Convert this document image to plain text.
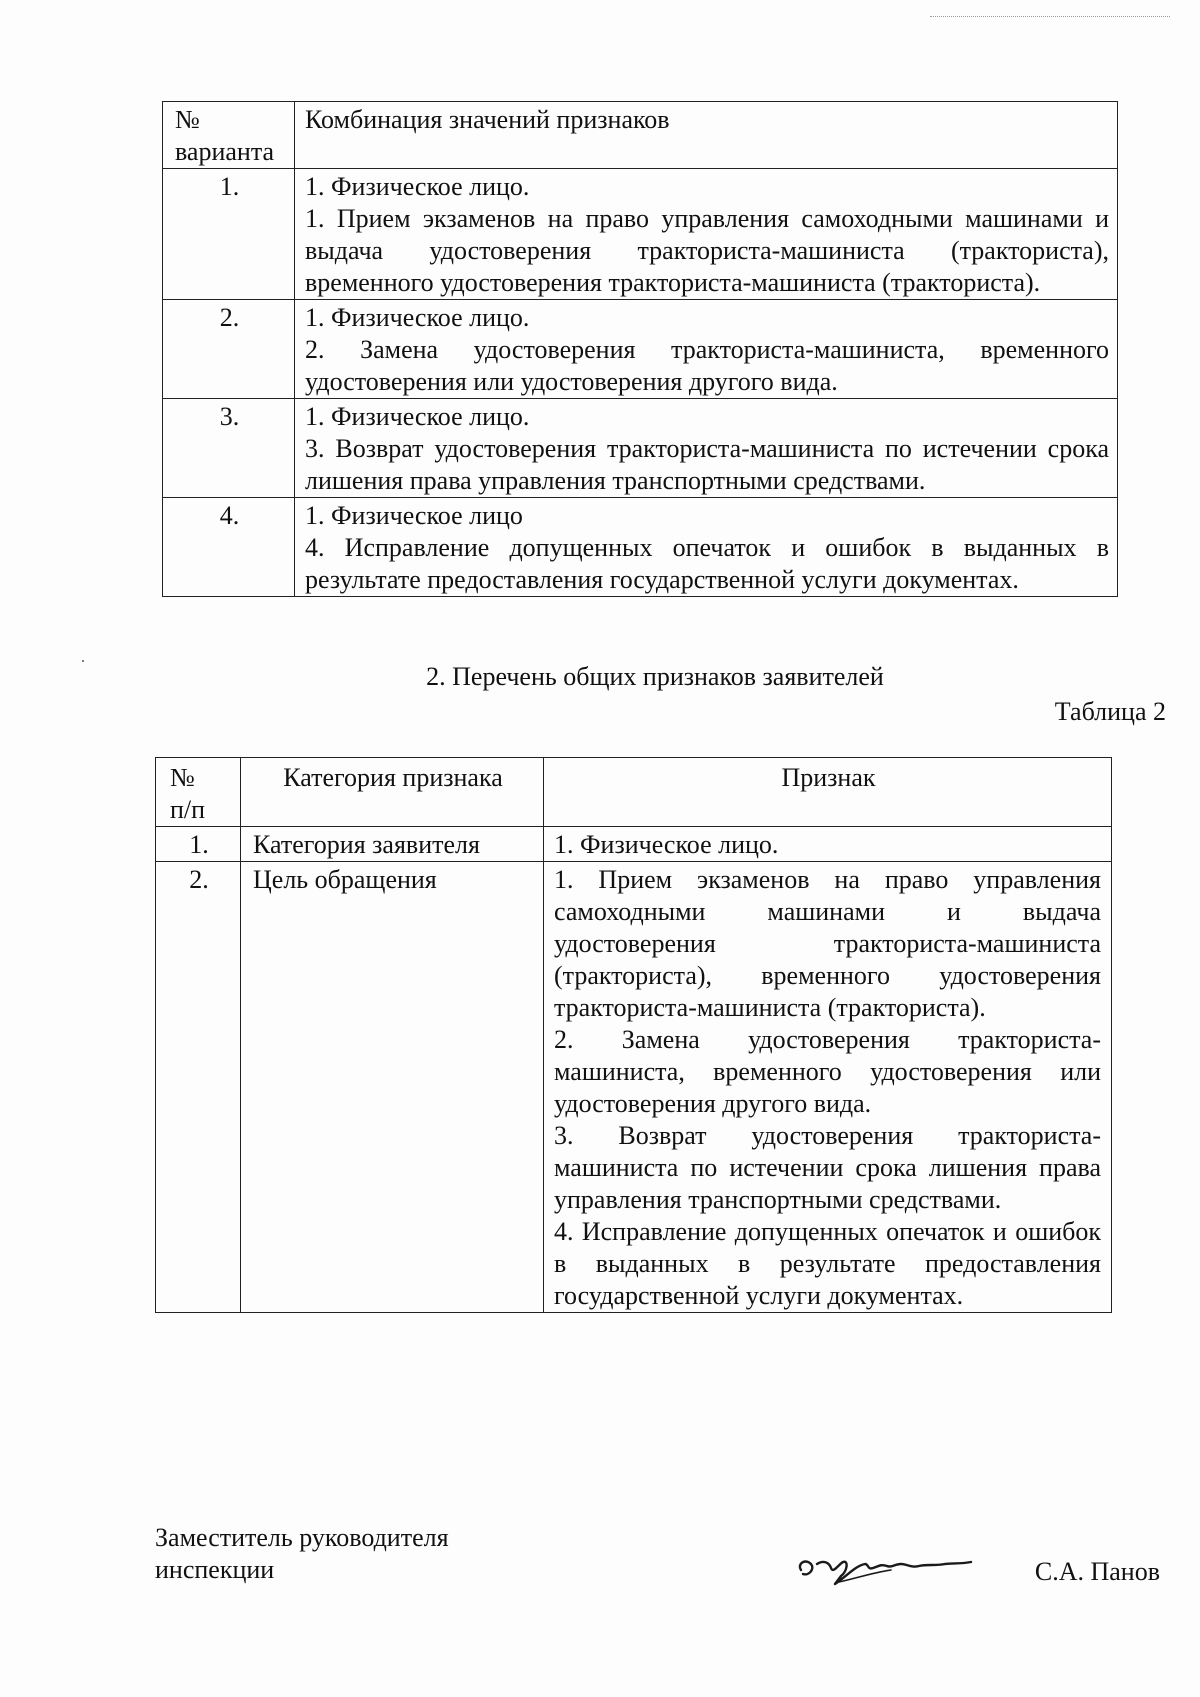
№
варианта	Комбинация значений признаков
1.	1. Физическое лицо.
1. Прием экзаменов на право управления самоходными машинами и выдача удостоверения тракториста-машиниста (тракториста), временного удостоверения тракториста-машиниста (тракториста).

2.	1. Физическое лицо.
2. Замена удостоверения тракториста-машиниста, временного удостоверения или удостоверения другого вида.

3.	1. Физическое лицо.
3. Возврат удостоверения тракториста-машиниста по истечении срока лишения права управления транспортными средствами.

4.	1. Физическое лицо
4. Исправление допущенных опечаток и ошибок в выданных в результате предоставления государственной услуги документах.
2. Перечень общих признаков заявителей
Таблица 2
№
п/п	Категория признака	Признак
1.	Категория заявителя	1. Физическое лицо.

2.	Цель обращения	1. Прием экзаменов на право управления самоходными машинами и выдача удостоверения тракториста-машиниста (тракториста), временного удостоверения тракториста-машиниста (тракториста).
2. Замена удостоверения тракториста-машиниста, временного удостоверения или удостоверения другого вида.
3. Возврат удостоверения тракториста-машиниста по истечении срока лишения права управления транспортными средствами.
4. Исправление допущенных опечаток и ошибок в выданных в результате предоставления государственной услуги документах.
Заместитель руководителя
инспекции	С.А. Панов
